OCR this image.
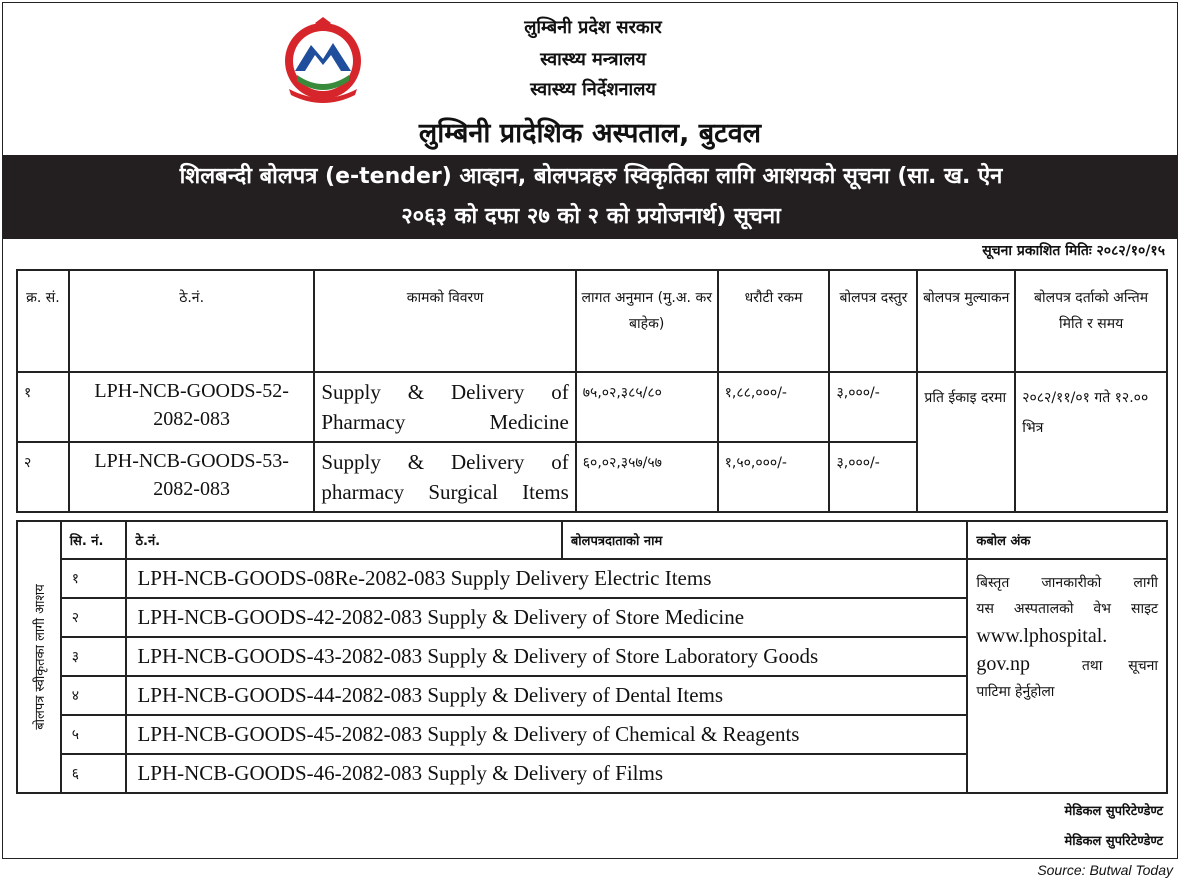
लुम्बिनी प्रदेश सरकार
स्वास्थ्य मन्त्रालय
स्वास्थ्य निर्देशनालय
लुम्बिनी प्रादेशिक अस्पताल, बुटवल
शिलबन्दी बोलपत्र (e-tender) आव्हान, बोलपत्रहरु स्विकृतिका लागि आशयको सूचना (सा. ख. ऐन
२०६३ को दफा २७ को २ को प्रयोजनार्थ) सूचना
सूचना प्रकाशित मितिः २०८२/१०/१५
क्र. सं.	ठे.नं.	कामको विवरण	लागत अनुमान (मु.अ. कर बाहेक)	धरौटी रकम	बोलपत्र दस्तुर	बोलपत्र मुल्याकन	बोलपत्र दर्ताको अन्तिम मिति र समय
१	LPH-NCB-GOODS-52-2082-083	Supply & Delivery of Pharmacy Medicine	७५,०२,३८५/८०	१,८८,०००/-	३,०००/-	प्रति ईकाइ दरमा	२०८२/११/०१ गते १२.०० भित्र
२	LPH-NCB-GOODS-53-2082-083	Supply & Delivery of pharmacy Surgical Items	६०,०२,३५७/५७	१,५०,०००/-	३,०००/-		
बोलपत्र स्वीकृतका लागी आशय	सि. नं.	ठे.नं.	बोलपत्रदाताको नाम	कबोल अंक
	१	LPH-NCB-GOODS-08Re-2082-083 Supply Delivery Electric Items		बिस्तृत जानकारीको लागी
यस अस्पतालको वेभ साइट
www.lphospital.
gov.np तथा सूचना
पाटिमा हेर्नुहोला

	२	LPH-NCB-GOODS-42-2082-083 Supply & Delivery of Store Medicine		
	३	LPH-NCB-GOODS-43-2082-083 Supply & Delivery of Store Laboratory Goods		
	४	LPH-NCB-GOODS-44-2082-083 Supply & Delivery of Dental Items		
	५	LPH-NCB-GOODS-45-2082-083 Supply & Delivery of Chemical & Reagents		
	६	LPH-NCB-GOODS-46-2082-083 Supply & Delivery of Films		
मेडिकल सुपरिटेण्डेण्ट
मेडिकल सुपरिटेण्डेण्ट
Source: Butwal Today
